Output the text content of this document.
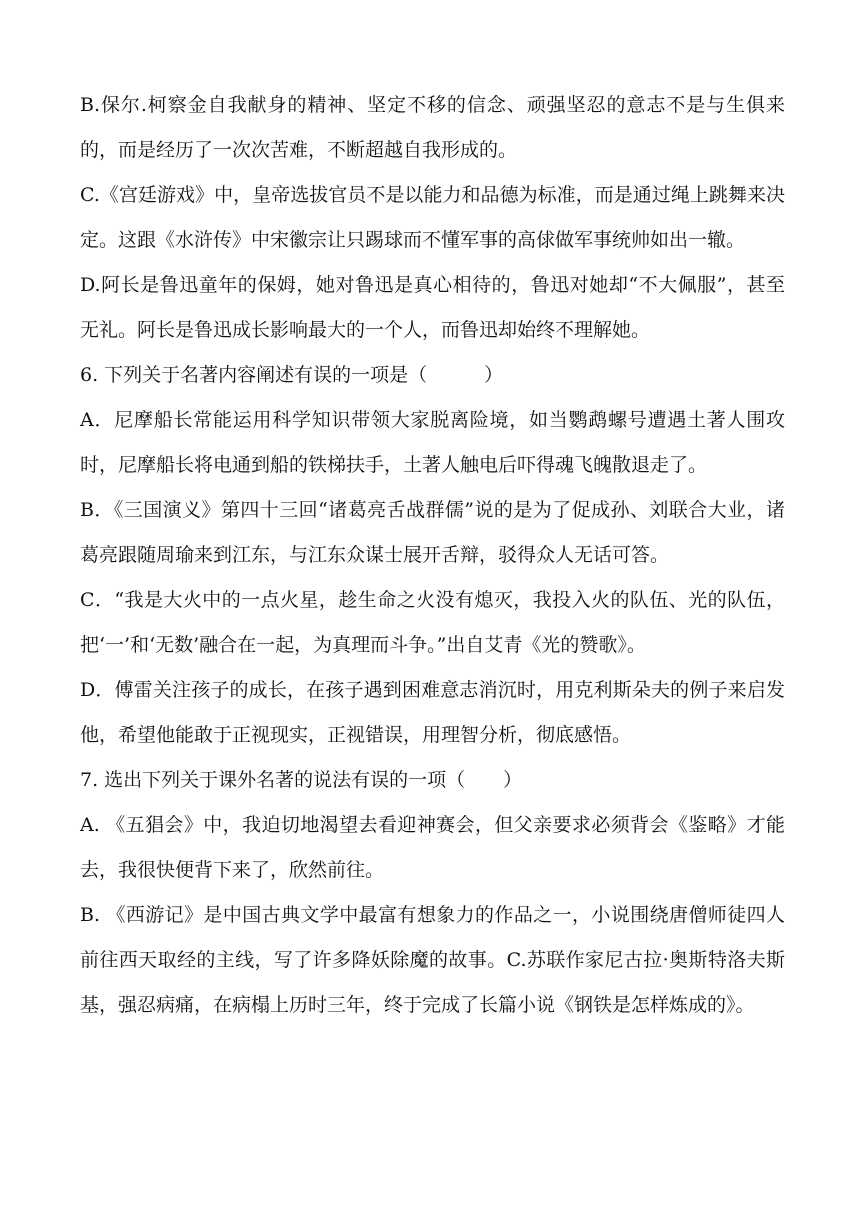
B.保尔.柯察金自我献身的精神、坚定不移的信念、顽强坚忍的意志不是与生俱来的，而是经历了一次次苦难，不断超越自我形成的。

C.《宫廷游戏》中，皇帝选拔官员不是以能力和品德为标准，而是通过绳上跳舞来决定。这跟《水浒传》中宋徽宗让只踢球而不懂军事的高俅做军事统帅如出一辙。

D.阿长是鲁迅童年的保姆，她对鲁迅是真心相待的，鲁迅对她却“不大佩服”，甚至无礼。阿长是鲁迅成长影响最大的一个人，而鲁迅却始终不理解她。

6. 下列关于名著内容阐述有误的一项是（　　　）

A．尼摩船长常能运用科学知识带领大家脱离险境，如当鹦鹉螺号遭遇土著人围攻时，尼摩船长将电通到船的铁梯扶手，土著人触电后吓得魂飞魄散退走了。

B．《三国演义》第四十三回“诸葛亮舌战群儒”说的是为了促成孙、刘联合大业，诸葛亮跟随周瑜来到江东，与江东众谋士展开舌辩，驳得众人无话可答。

C．“我是大火中的一点火星，趁生命之火没有熄灭，我投入火的队伍、光的队伍，把‘一’和‘无数’融合在一起，为真理而斗争。”出自艾青《光的赞歌》。

D．傅雷关注孩子的成长，在孩子遇到困难意志消沉时，用克利斯朵夫的例子来启发他，希望他能敢于正视现实，正视错误，用理智分析，彻底感悟。

7. 选出下列关于课外名著的说法有误的一项（　　）

A. 《五猖会》中，我迫切地渴望去看迎神赛会，但父亲要求必须背会《鉴略》才能去，我很快便背下来了，欣然前往。

B. 《西游记》是中国古典文学中最富有想象力的作品之一，小说围绕唐僧师徒四人前往西天取经的主线，写了许多降妖除魔的故事。C.苏联作家尼古拉·奥斯特洛夫斯基，强忍病痛，在病榻上历时三年，终于完成了长篇小说《钢铁是怎样炼成的》。
